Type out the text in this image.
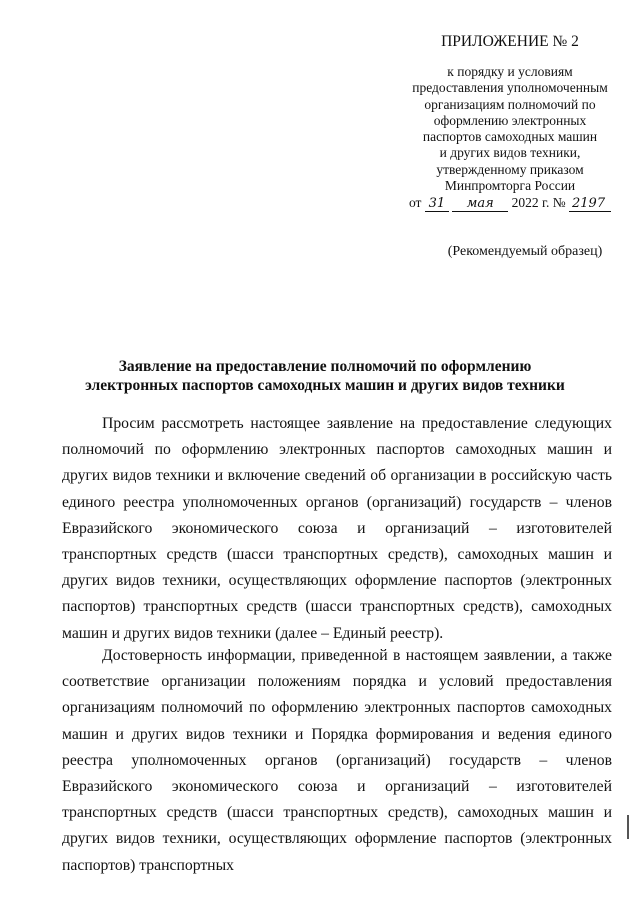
ПРИЛОЖЕНИЕ № 2
к порядку и условиям
предоставления уполномоченным
организациям полномочий по
оформлению электронных
паспортов самоходных машин
и других видов техники,
утвержденному приказом
Минпромторга России
от 31 мая 2022 г. № 2197
(Рекомендуемый образец)
Заявление на предоставление полномочий по оформлению
электронных паспортов самоходных машин и других видов техники

Просим рассмотреть настоящее заявление на предоставление следующих полномочий по оформлению электронных паспортов самоходных машин и других видов техники и включение сведений об организации в российскую часть единого реестра уполномоченных органов (организаций) государств – членов Евразийского экономического союза и организаций – изготовителей транспортных средств (шасси транспортных средств), самоходных машин и других видов техники, осуществляющих оформление паспортов (электронных паспортов) транспортных средств (шасси транспортных средств), самоходных машин и других видов техники (далее – Единый реестр).

Достоверность информации, приведенной в настоящем заявлении, а также соответствие организации положениям порядка и условий предоставления организациям полномочий по оформлению электронных паспортов самоходных машин и других видов техники и Порядка формирования и ведения единого реестра уполномоченных органов (организаций) государств – членов Евразийского экономического союза и организаций – изготовителей транспортных средств (шасси транспортных средств), самоходных машин и других видов техники, осуществляющих оформление паспортов (электронных паспортов) транспортных
